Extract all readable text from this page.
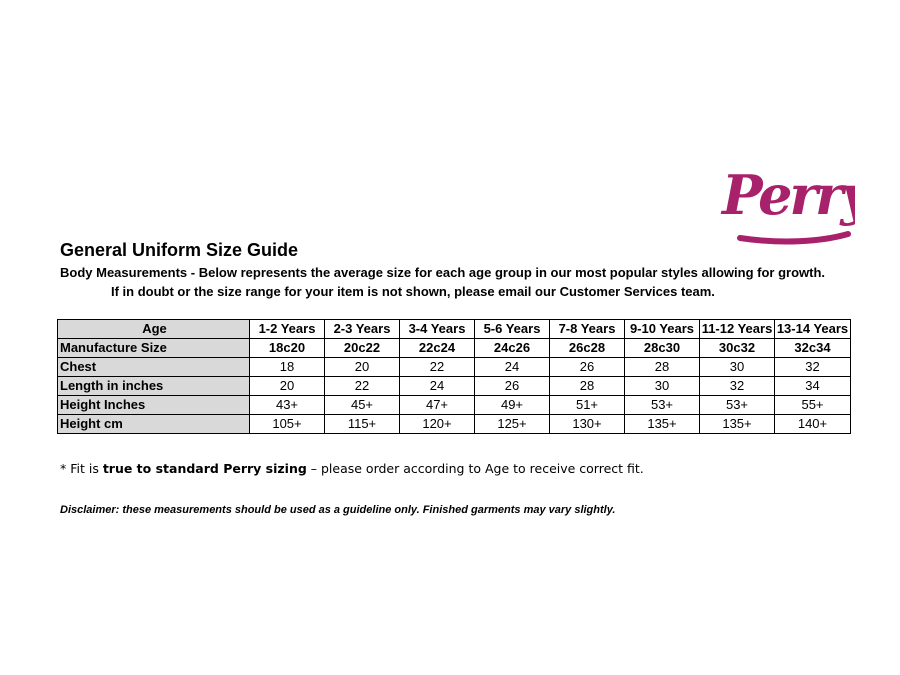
Perry
General Uniform Size Guide
Body Measurements - Below represents the average size for each age group in our most popular styles allowing for growth.
If in doubt or the size range for your item is not shown, please email our Customer Services team.
Age	1-2 Years	2-3 Years	3-4 Years	5-6 Years	7-8 Years	9-10 Years	11-12 Years	13-14 Years
Manufacture Size	18c20	20c22	22c24	24c26	26c28	28c30	30c32	32c34
Chest	18	20	22	24	26	28	30	32
Length in inches	20	22	24	26	28	30	32	34
Height Inches	43+	45+	47+	49+	51+	53+	53+	55+
Height cm	105+	115+	120+	125+	130+	135+	135+	140+
* Fit is true to standard Perry sizing – please order according to Age to receive correct fit.
Disclaimer: these measurements should be used as a guideline only. Finished garments may vary slightly.
